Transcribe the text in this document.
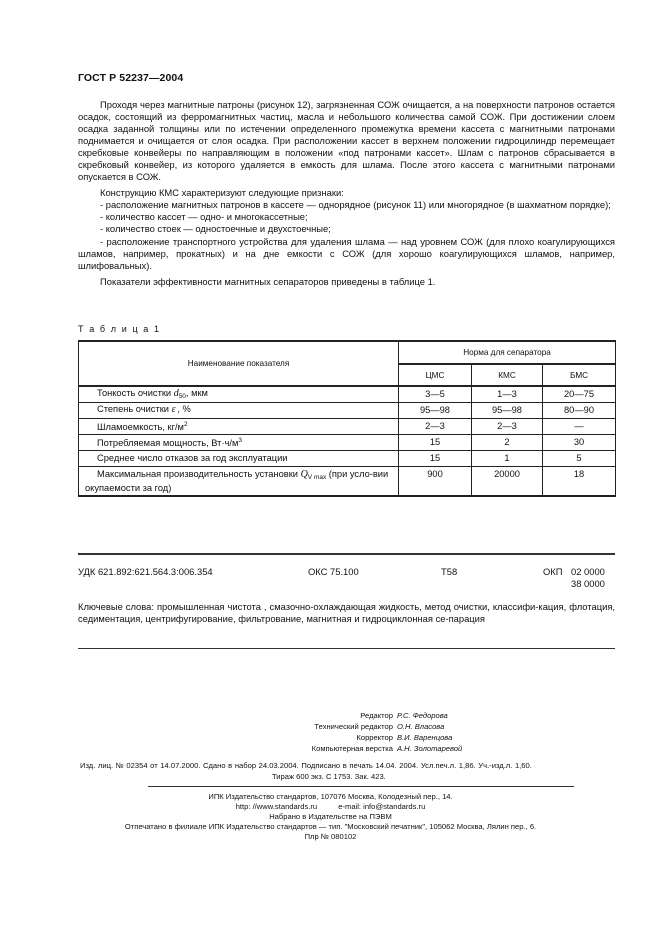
ГОСТ Р 52237—2004

Проходя через магнитные патроны (рисунок 12), загрязненная СОЖ очищается, а на поверхности патронов остается осадок, состоящий из ферромагнитных частиц, масла и небольшого количества самой СОЖ. При достижении слоем осадка заданной толщины или по истечении определенного промежутка времени кассета с магнитными патронами поднимается и очищается от слоя осадка. При расположении кассет в верхнем положении гидроцилиндр перемещает скребковые конвейеры по направляющим в положении «под патронами кассет». Шлам с патронов сбрасывается в скребковый конвейер, из которого удаляется в емкость для шлама. После этого кассета с магнитными патронами опускается в СОЖ.

Конструкцию КМС характеризуют следующие признаки:

- расположение магнитных патронов в кассете — однорядное (рисунок 11) или многорядное (в шахматном порядке);

- количество кассет — одно- и многокассетные;

- количество стоек — одностоечные и двухстоечные;

- расположение транспортного устройства для удаления шлама — над уровнем СОЖ (для плохо коагулирующихся шламов, например, прокатных) и на дне емкости с СОЖ (для хорошо коагулирующихся шламов, например, шлифовальных).

Показатели эффективности магнитных сепараторов приведены в таблице 1.

Т а б л и ц а 1
Наименование показателя	Норма для сепаратора		
	ЦМС	КМС	БМС
Тонкость очистки $d_{50}$, мкм	3—5	1—3	20—75
Степень очистки ε , %	95—98	95—98	80—90
Шламоемкость, $кг/м^2$	2—3	2—3	—
Потребляемая мощность, $Вт\cdot ч/м^3$	15	2	30
Среднее число отказов за год эксплуатации	15	1	5
Максимальная производительность установки $Q_{V max}$ (при усло-вии окупаемости за год)	900	20000	18
УДК 621.892:621.564.3:006.354	ОКС 75.100	Т58	ОКП 02 0000
38 0000
Ключевые слова: промышленная чистота , смазочно-охлаждающая жидкость, метод очистки, классифи-кация, флотация, седиментация, центрифугирование, фильтрование, магнитная и гидроциклонная се-парация
Редактор Р.С. Федорова
Технический редактор О.Н. Власова
Корректор В.И. Варенцова
Компьютерная верстка А.Н. Золотаревой
Изд. лиц. № 02354 от 14.07.2000. Сдано в набор 24.03.2004. Подписано в печать 14.04. 2004. Усл.печ.л. 1,86. Уч.-изд.л. 1,60.
Тираж 600 экз. С 1753. Зак. 423.
ИПК Издательство стандартов, 107076 Москва, Колодезный пер., 14.
http: //www.standards.ru          e-mail: info@standards.ru
Набрано в Издательстве на ПЭВМ
Отпечатано в филиале ИПК Издательство стандартов — тип. "Московский печатник", 105062 Москва, Лялин пер., 6.
Плр № 080102
